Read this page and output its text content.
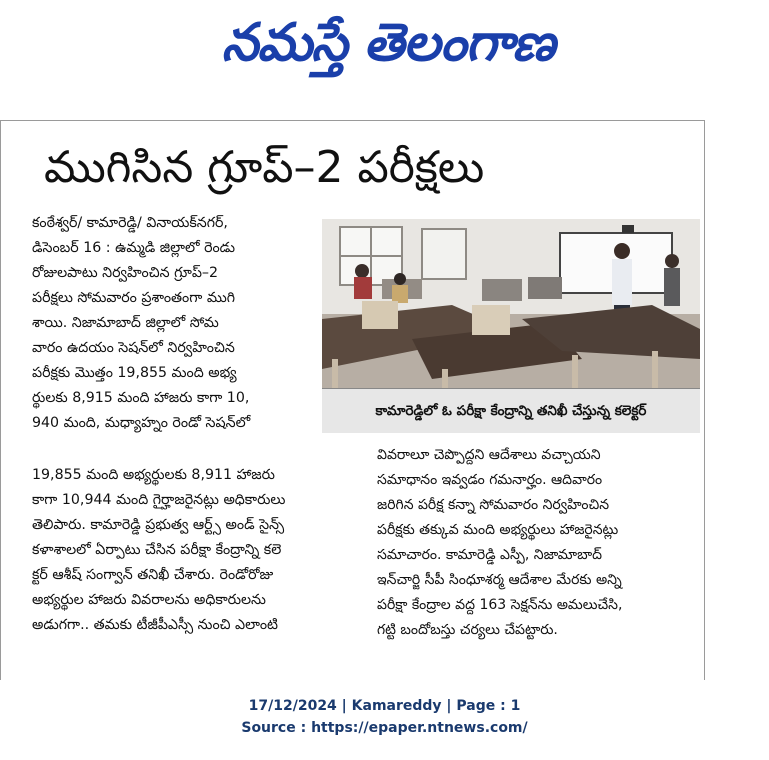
నమస్తే తెలంగాణ
ముగిసిన గ్రూప్–2 పరీక్షలు
కంఠేశ్వర్/ కామారెడ్డి/ వినాయక్‌నగర్,
డిసెంబర్ 16 : ఉమ్మడి జిల్లాలో రెండు
రోజులపాటు నిర్వహించిన గ్రూప్–2
పరీక్షలు సోమవారం ప్రశాంతంగా ముగి
శాయి. నిజామాబాద్ జిల్లాలో సోమ
వారం ఉదయం సెషన్‌లో నిర్వహించిన
పరీక్షకు మొత్తం 19,855 మంది అభ్య
ర్థులకు 8,915 మంది హాజరు కాగా 10,
940 మంది, మధ్యాహ్నం రెండో సెషన్‌లో
19,855 మంది అభ్యర్థులకు 8,911 హాజరు
కాగా 10,944 మంది గైర్హాజరైనట్లు అధికారులు
తెలిపారు. కామారెడ్డి ప్రభుత్వ ఆర్ట్స్ అండ్ సైన్స్
కళాశాలలో ఏర్పాటు చేసిన పరీక్షా కేంద్రాన్ని కలె
క్టర్ ఆశీష్ సంగ్వాన్ తనిఖీ చేశారు. రెండోరోజు
అభ్యర్థుల హాజరు వివరాలను అధికారులను
అడుగగా.. తమకు టీజీపీఎస్సీ నుంచి ఎలాంటి
వివరాలూ చెప్పొద్దని ఆదేశాలు వచ్చాయని
సమాధానం ఇవ్వడం గమనార్హం. ఆదివారం
జరిగిన పరీక్ష కన్నా సోమవారం నిర్వహించిన
పరీక్షకు తక్కువ మంది అభ్యర్థులు హాజరైనట్లు
సమాచారం. కామారెడ్డి ఎస్పీ, నిజామాబాద్
ఇన్‌చార్జి సీపీ సింధూశర్మ ఆదేశాల మేరకు అన్ని
పరీక్షా కేంద్రాల వద్ద 163 సెక్షన్‌ను అమలుచేసి,
గట్టి బందోబస్తు చర్యలు చేపట్టారు.
కామారెడ్డిలో ఓ పరీక్షా కేంద్రాన్ని తనిఖీ చేస్తున్న కలెక్టర్
17/12/2024 | Kamareddy | Page : 1
Source : https://epaper.ntnews.com/
